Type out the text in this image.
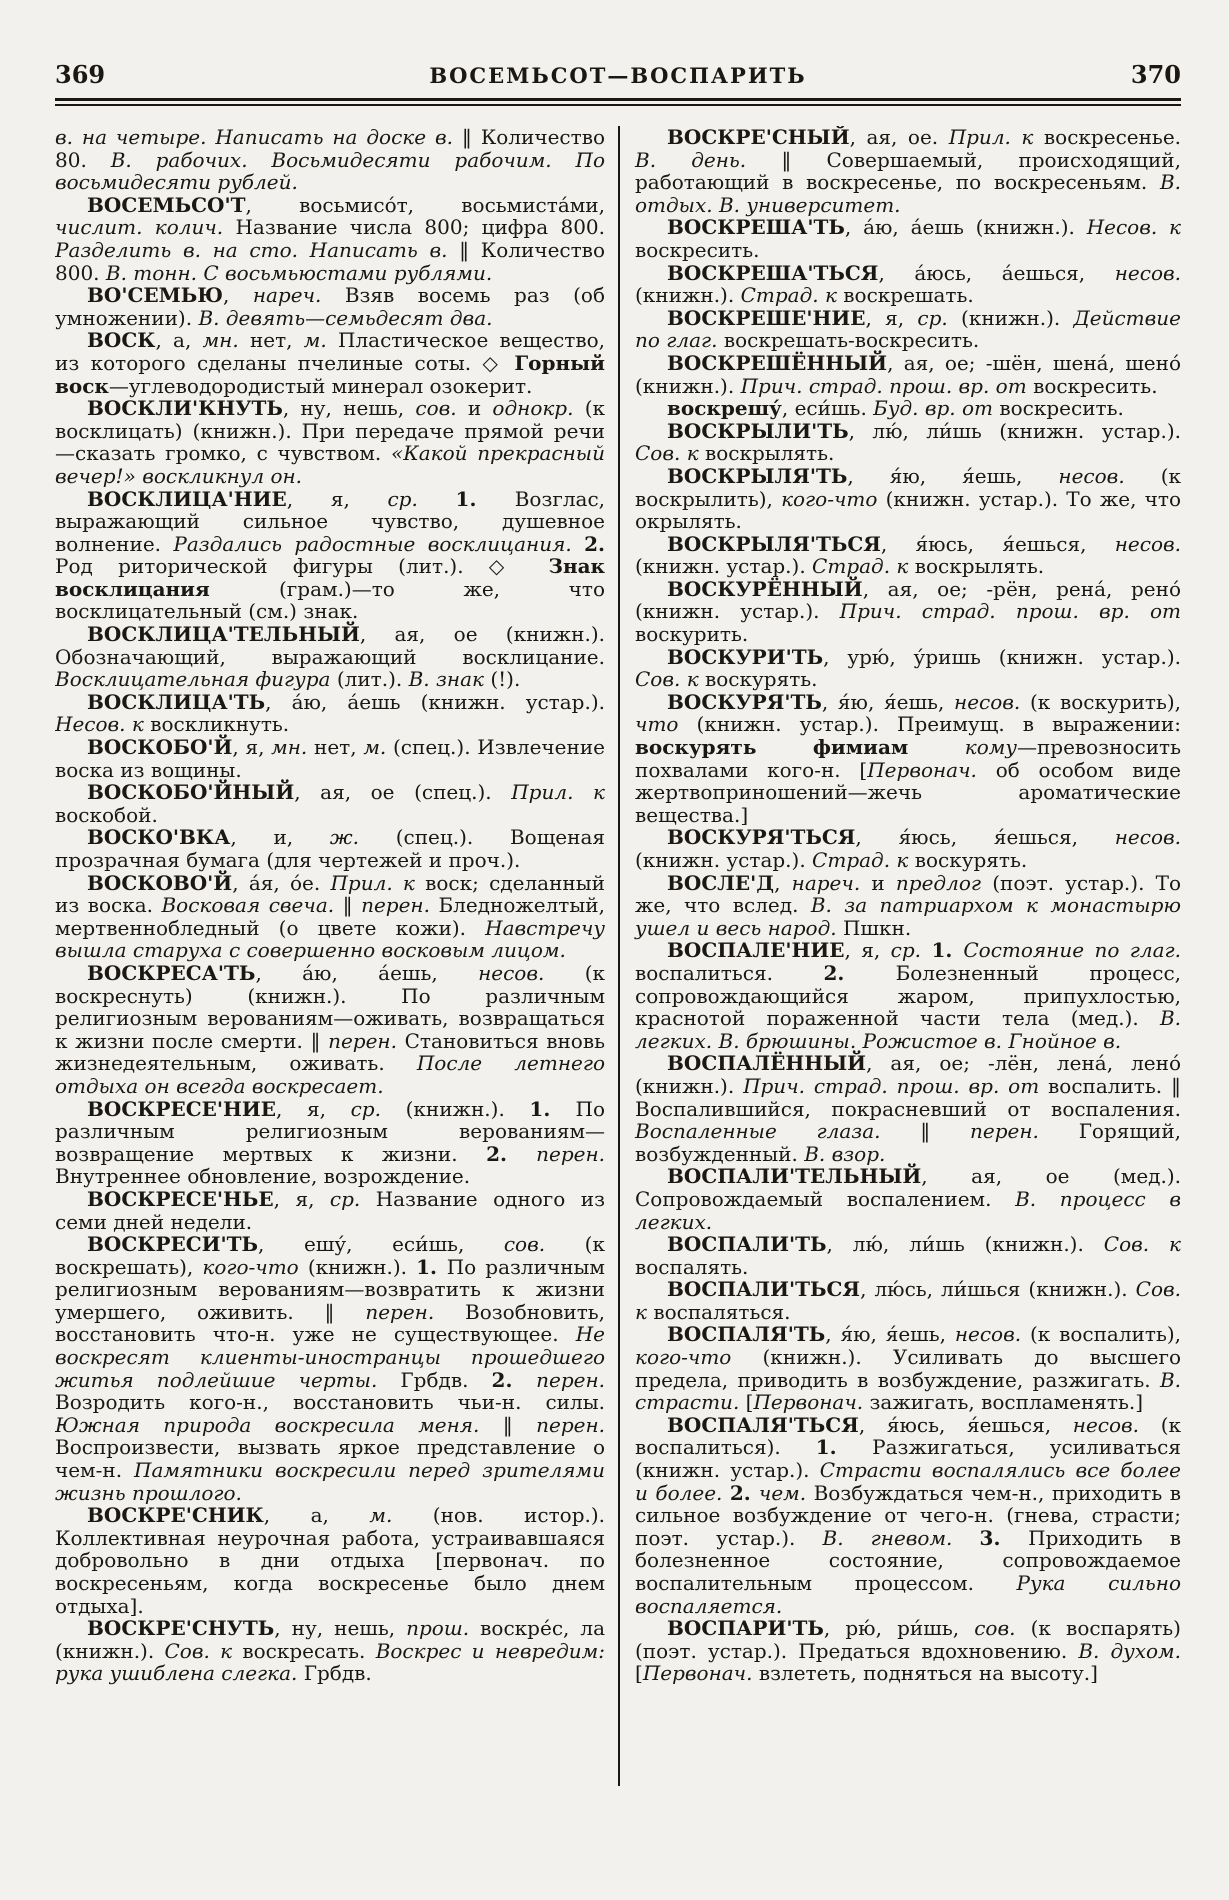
369	ВОСЕМЬСОТ—ВОСПАРИТЬ	370

в. на четыре. Написать на доске в. ‖ Количество 80. В. рабочих. Восьмидесяти рабочим. По восьмидесяти рублей.

ВОСЕМЬСО'Т, восьмисо́т, восьмиста́ми, числит. колич. Название числа 800; цифра 800. Разделить в. на сто. Написать в. ‖ Количество 800. В. тонн. С восьмьюстами рублями.

ВО'СЕМЬЮ, нареч. Взяв восемь раз (об умножении). В. девять—семьдесят два.

ВОСК, а, мн. нет, м. Пластическое вещество, из которого сделаны пчелиные соты. ◇ Горный воск—углеводородистый минерал озокерит.

ВОСКЛИ'КНУТЬ, ну, нешь, сов. и однокр. (к восклицать) (книжн.). При передаче прямой речи—сказать громко, с чувством. «Какой прекрасный вечер!» воскликнул он.

ВОСКЛИЦА'НИЕ, я, ср. 1. Возглас, выражающий сильное чувство, душевное волнение. Раздались радостные восклицания. 2. Род риторической фигуры (лит.). ◇ Знак восклицания (грам.)—то же, что восклицательный (см.) знак.

ВОСКЛИЦА'ТЕЛЬНЫЙ, ая, ое (книжн.). Обозначающий, выражающий восклицание. Восклицательная фигура (лит.). В. знак (!).

ВОСКЛИЦА'ТЬ, а́ю, а́ешь (книжн. устар.). Несов. к воскликнуть.

ВОСКОБО'Й, я, мн. нет, м. (спец.). Извлечение воска из вощины.

ВОСКОБО'ЙНЫЙ, ая, ое (спец.). Прил. к воскобой.

ВОСКО'ВКА, и, ж. (спец.). Вощеная прозрачная бумага (для чертежей и проч.).

ВОСКОВО'Й, а́я, о́е. Прил. к воск; сделанный из воска. Восковая свеча. ‖ перен. Бледножелтый, мертвеннобледный (о цвете кожи). Навстречу вышла старуха с совершенно восковым лицом.

ВОСКРЕСА'ТЬ, а́ю, а́ешь, несов. (к воскреснуть) (книжн.). По различным религиозным верованиям—оживать, возвращаться к жизни после смерти. ‖ перен. Становиться вновь жизнедеятельным, оживать. После летнего отдыха он всегда воскресает.

ВОСКРЕСЕ'НИЕ, я, ср. (книжн.). 1. По различным религиозным верованиям—возвращение мертвых к жизни. 2. перен. Внутреннее обновление, возрождение.

ВОСКРЕСЕ'НЬЕ, я, ср. Название одного из семи дней недели.

ВОСКРЕСИ'ТЬ, ешу́, еси́шь, сов. (к воскрешать), кого-что (книжн.). 1. По различным религиозным верованиям—возвратить к жизни умершего, оживить. ‖ перен. Возобновить, восстановить что-н. уже не существующее. Не воскресят клиенты-иностранцы прошедшего житья подлейшие черты. Грбдв. 2. перен. Возродить кого-н., восстановить чьи-н. силы. Южная природа воскресила меня. ‖ перен. Воспроизвести, вызвать яркое представление о чем-н. Памятники воскресили перед зрителями жизнь прошлого.

ВОСКРЕ'СНИК, а, м. (нов. истор.). Коллективная неурочная работа, устраивавшаяся добровольно в дни отдыха [первонач. по воскресеньям, когда воскресенье было днем отдыха].

ВОСКРЕ'СНУТЬ, ну, нешь, прош. воскре́с, ла (книжн.). Сов. к воскресать. Воскрес и невредим: рука ушиблена слегка. Грбдв.

ВОСКРЕ'СНЫЙ, ая, ое. Прил. к воскресенье. В. день. ‖ Совершаемый, происходящий, работающий в воскресенье, по воскресеньям. В. отдых. В. университет.

ВОСКРЕША'ТЬ, а́ю, а́ешь (книжн.). Несов. к воскресить.

ВОСКРЕША'ТЬСЯ, а́юсь, а́ешься, несов. (книжн.). Страд. к воскрешать.

ВОСКРЕШЕ'НИЕ, я, ср. (книжн.). Действие по глаг. воскрешать-воскресить.

ВОСКРЕШЁННЫЙ, ая, ое; -шён, шена́, шено́ (книжн.). Прич. страд. прош. вр. от воскресить.

воскрешу́, еси́шь. Буд. вр. от воскресить.

ВОСКРЫЛИ'ТЬ, лю́, ли́шь (книжн. устар.). Сов. к воскрылять.

ВОСКРЫЛЯ'ТЬ, я́ю, я́ешь, несов. (к воскрылить), кого-что (книжн. устар.). То же, что окрылять.

ВОСКРЫЛЯ'ТЬСЯ, я́юсь, я́ешься, несов. (книжн. устар.). Страд. к воскрылять.

ВОСКУРЁННЫЙ, ая, ое; -рён, рена́, рено́ (книжн. устар.). Прич. страд. прош. вр. от воскурить.

ВОСКУРИ'ТЬ, урю́, у́ришь (книжн. устар.). Сов. к воскурять.

ВОСКУРЯ'ТЬ, я́ю, я́ешь, несов. (к воскурить), что (книжн. устар.). Преимущ. в выражении: воскурять фимиам кому—превозносить похвалами кого-н. [Первонач. об особом виде жертвоприношений—жечь ароматические вещества.]

ВОСКУРЯ'ТЬСЯ, я́юсь, я́ешься, несов. (книжн. устар.). Страд. к воскурять.

ВОСЛЕ'Д, нареч. и предлог (поэт. устар.). То же, что вслед. В. за патриархом к монастырю ушел и весь народ. Пшкн.

ВОСПАЛЕ'НИЕ, я, ср. 1. Состояние по глаг. воспалиться. 2. Болезненный процесс, сопровождающийся жаром, припухлостью, краснотой пораженной части тела (мед.). В. легких. В. брюшины. Рожистое в. Гнойное в.

ВОСПАЛЁННЫЙ, ая, ое; -лён, лена́, лено́ (книжн.). Прич. страд. прош. вр. от воспалить. ‖ Воспалившийся, покрасневший от воспаления. Воспаленные глаза. ‖ перен. Горящий, возбужденный. В. взор.

ВОСПАЛИ'ТЕЛЬНЫЙ, ая, ое (мед.). Сопровождаемый воспалением. В. процесс в легких.

ВОСПАЛИ'ТЬ, лю́, ли́шь (книжн.). Сов. к воспалять.

ВОСПАЛИ'ТЬСЯ, лю́сь, ли́шься (книжн.). Сов. к воспаляться.

ВОСПАЛЯ'ТЬ, я́ю, я́ешь, несов. (к воспалить), кого-что (книжн.). Усиливать до высшего предела, приводить в возбуждение, разжигать. В. страсти. [Первонач. зажигать, воспламенять.]

ВОСПАЛЯ'ТЬСЯ, я́юсь, я́ешься, несов. (к воспалиться). 1. Разжигаться, усиливаться (книжн. устар.). Страсти воспалялись все более и более. 2. чем. Возбуждаться чем-н., приходить в сильное возбуждение от чего-н. (гнева, страсти; поэт. устар.). В. гневом. 3. Приходить в болезненное состояние, сопровождаемое воспалительным процессом. Рука сильно воспаляется.

ВОСПАРИ'ТЬ, рю́, ри́шь, сов. (к воспарять) (поэт. устар.). Предаться вдохновению. В. духом. [Первонач. взлететь, подняться на высоту.]
